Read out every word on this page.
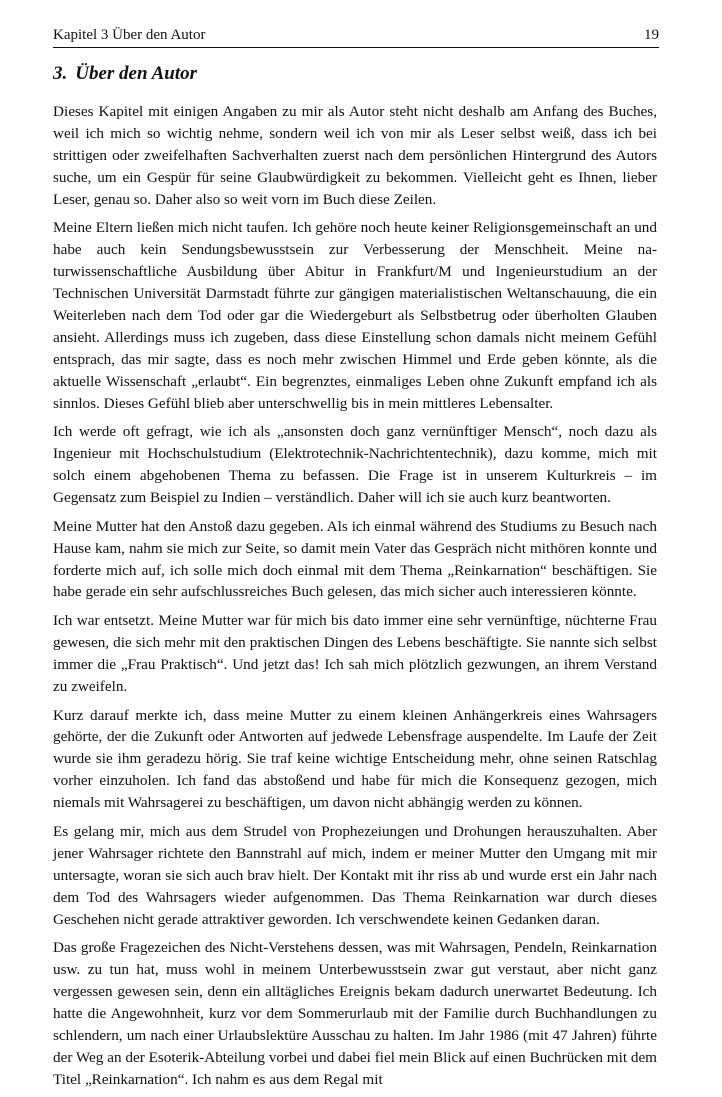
Kapitel 3 Über den Autor	19
3. Über den Autor

Dieses Kapitel mit einigen Angaben zu mir als Autor steht nicht deshalb am Anfang des Buches, weil ich mich so wichtig nehme, sondern weil ich von mir als Leser selbst weiß, dass ich bei strittigen oder zweifelhaften Sachverhalten zuerst nach dem persönlichen Hintergrund des Autors suche, um ein Gespür für seine Glaubwürdigkeit zu bekommen. Vielleicht geht es Ihnen, lieber Leser, genau so. Daher also so weit vorn im Buch diese Zeilen.

Meine Eltern ließen mich nicht taufen. Ich gehöre noch heute keiner Religionsgemeinschaft an und habe auch kein Sendungsbewusstsein zur Verbesserung der Menschheit. Meine naturwissenschaftliche Ausbildung über Abitur in Frankfurt/M und Ingenieurstudium an der Technischen Universität Darmstadt führte zur gängigen materialistischen Weltanschauung, die ein Weiterleben nach dem Tod oder gar die Wiedergeburt als Selbstbetrug oder überholten Glauben ansieht. Allerdings muss ich zugeben, dass diese Einstellung schon damals nicht meinem Gefühl entsprach, das mir sagte, dass es noch mehr zwischen Himmel und Erde geben könnte, als die aktuelle Wissenschaft „erlaubt“. Ein begrenztes, einmaliges Leben ohne Zukunft empfand ich als sinnlos. Dieses Gefühl blieb aber unterschwellig bis in mein mittleres Lebensalter.

Ich werde oft gefragt, wie ich als „ansonsten doch ganz vernünftiger Mensch“, noch dazu als Ingenieur mit Hochschulstudium (Elektrotechnik-Nachrichtentechnik), dazu komme, mich mit solch einem abgehobenen Thema zu befassen. Die Frage ist in unserem Kulturkreis – im Gegensatz zum Beispiel zu Indien – verständlich. Daher will ich sie auch kurz beantworten.

Meine Mutter hat den Anstoß dazu gegeben. Als ich einmal während des Studiums zu Besuch nach Hause kam, nahm sie mich zur Seite, so damit mein Vater das Gespräch nicht mithören konnte und forderte mich auf, ich solle mich doch einmal mit dem Thema „Reinkarnation“ beschäftigen. Sie habe gerade ein sehr aufschlussreiches Buch gelesen, das mich sicher auch interessieren könnte.

Ich war entsetzt. Meine Mutter war für mich bis dato immer eine sehr vernünftige, nüchterne Frau gewesen, die sich mehr mit den praktischen Dingen des Lebens beschäftigte. Sie nannte sich selbst immer die „Frau Praktisch“. Und jetzt das! Ich sah mich plötzlich gezwungen, an ihrem Verstand zu zweifeln.

Kurz darauf merkte ich, dass meine Mutter zu einem kleinen Anhängerkreis eines Wahrsagers gehörte, der die Zukunft oder Antworten auf jedwede Lebensfrage auspendelte. Im Laufe der Zeit wurde sie ihm geradezu hörig. Sie traf keine wichtige Entscheidung mehr, ohne seinen Ratschlag vorher einzuholen. Ich fand das abstoßend und habe für mich die Konsequenz gezogen, mich niemals mit Wahrsagerei zu beschäftigen, um davon nicht abhängig werden zu können.

Es gelang mir, mich aus dem Strudel von Prophezeiungen und Drohungen herauszuhalten. Aber jener Wahrsager richtete den Bannstrahl auf mich, indem er meiner Mutter den Umgang mit mir untersagte, woran sie sich auch brav hielt. Der Kontakt mit ihr riss ab und wurde erst ein Jahr nach dem Tod des Wahrsagers wieder aufgenommen. Das Thema Reinkarnation war durch dieses Geschehen nicht gerade attraktiver geworden. Ich verschwendete keinen Gedanken daran.

Das große Fragezeichen des Nicht-Verstehens dessen, was mit Wahrsagen, Pendeln, Reinkarnation usw. zu tun hat, muss wohl in meinem Unterbewusstsein zwar gut verstaut, aber nicht ganz vergessen gewesen sein, denn ein alltägliches Ereignis bekam dadurch unerwartet Bedeutung. Ich hatte die Angewohnheit, kurz vor dem Sommerurlaub mit der Familie durch Buchhandlungen zu schlendern, um nach einer Urlaubslektüre Ausschau zu halten. Im Jahr 1986 (mit 47 Jahren) führte der Weg an der Esoterik-Abteilung vorbei und dabei fiel mein Blick auf einen Buchrücken mit dem Titel „Reinkarnation“. Ich nahm es aus dem Regal mit
